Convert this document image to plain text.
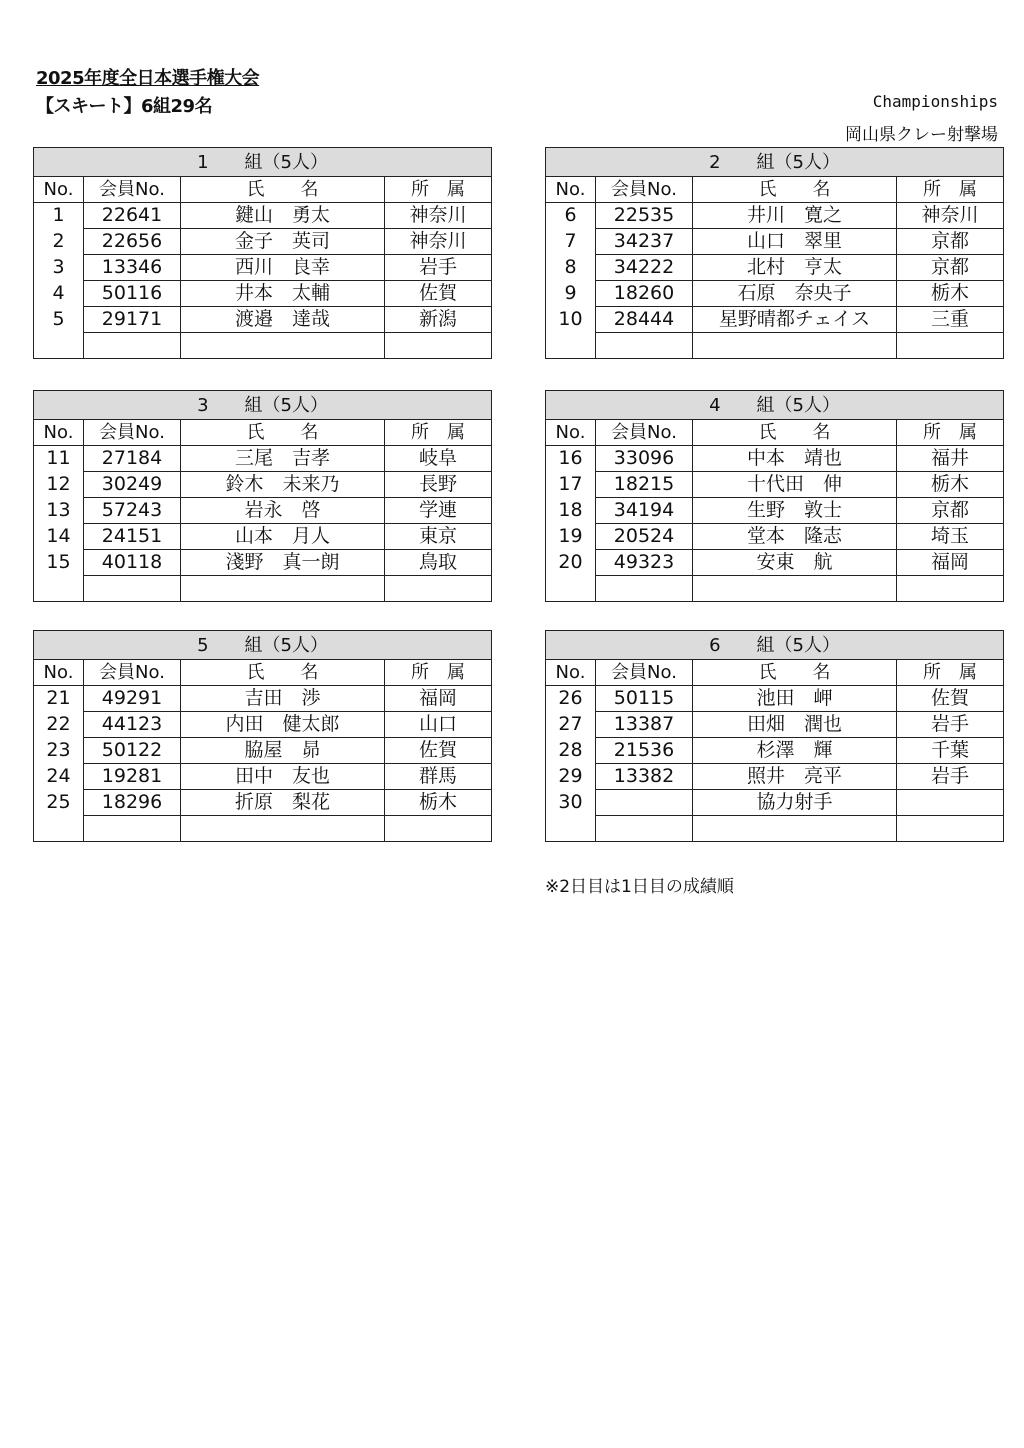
2025年度全日本選手権大会
【スキート】6組29名	Championships
岡山県クレー射撃場
1　　組（5人）			
No.	会員No.	氏　　名	所　属
1	22641	鍵山　勇太	神奈川
2	22656	金子　英司	神奈川
3	13346	西川　良幸	岩手
4	50116	井本　太輔	佐賀
5	29171	渡邉　達哉	新潟

2　　組（5人）			
No.	会員No.	氏　　名	所　属
6	22535	井川　寛之	神奈川
7	34237	山口　翠里	京都
8	34222	北村　亨太	京都
9	18260	石原　奈央子	栃木
10	28444	星野晴都チェイス	三重

3　　組（5人）			
No.	会員No.	氏　　名	所　属
11	27184	三尾　吉孝	岐阜
12	30249	鈴木　未来乃	長野
13	57243	岩永　啓	学連
14	24151	山本　月人	東京
15	40118	淺野　真一朗	鳥取

4　　組（5人）			
No.	会員No.	氏　　名	所　属
16	33096	中本　靖也	福井
17	18215	十代田　伸	栃木
18	34194	生野　敦士	京都
19	20524	堂本　隆志	埼玉
20	49323	安東　航	福岡

5　　組（5人）			
No.	会員No.	氏　　名	所　属
21	49291	吉田　渉	福岡
22	44123	内田　健太郎	山口
23	50122	脇屋　昴	佐賀
24	19281	田中　友也	群馬
25	18296	折原　梨花	栃木

6　　組（5人）			
No.	会員No.	氏　　名	所　属
26	50115	池田　岬	佐賀
27	13387	田畑　潤也	岩手
28	21536	杉澤　輝	千葉
29	13382	照井　亮平	岩手
30		協力射手	

※2日目は1日目の成績順
